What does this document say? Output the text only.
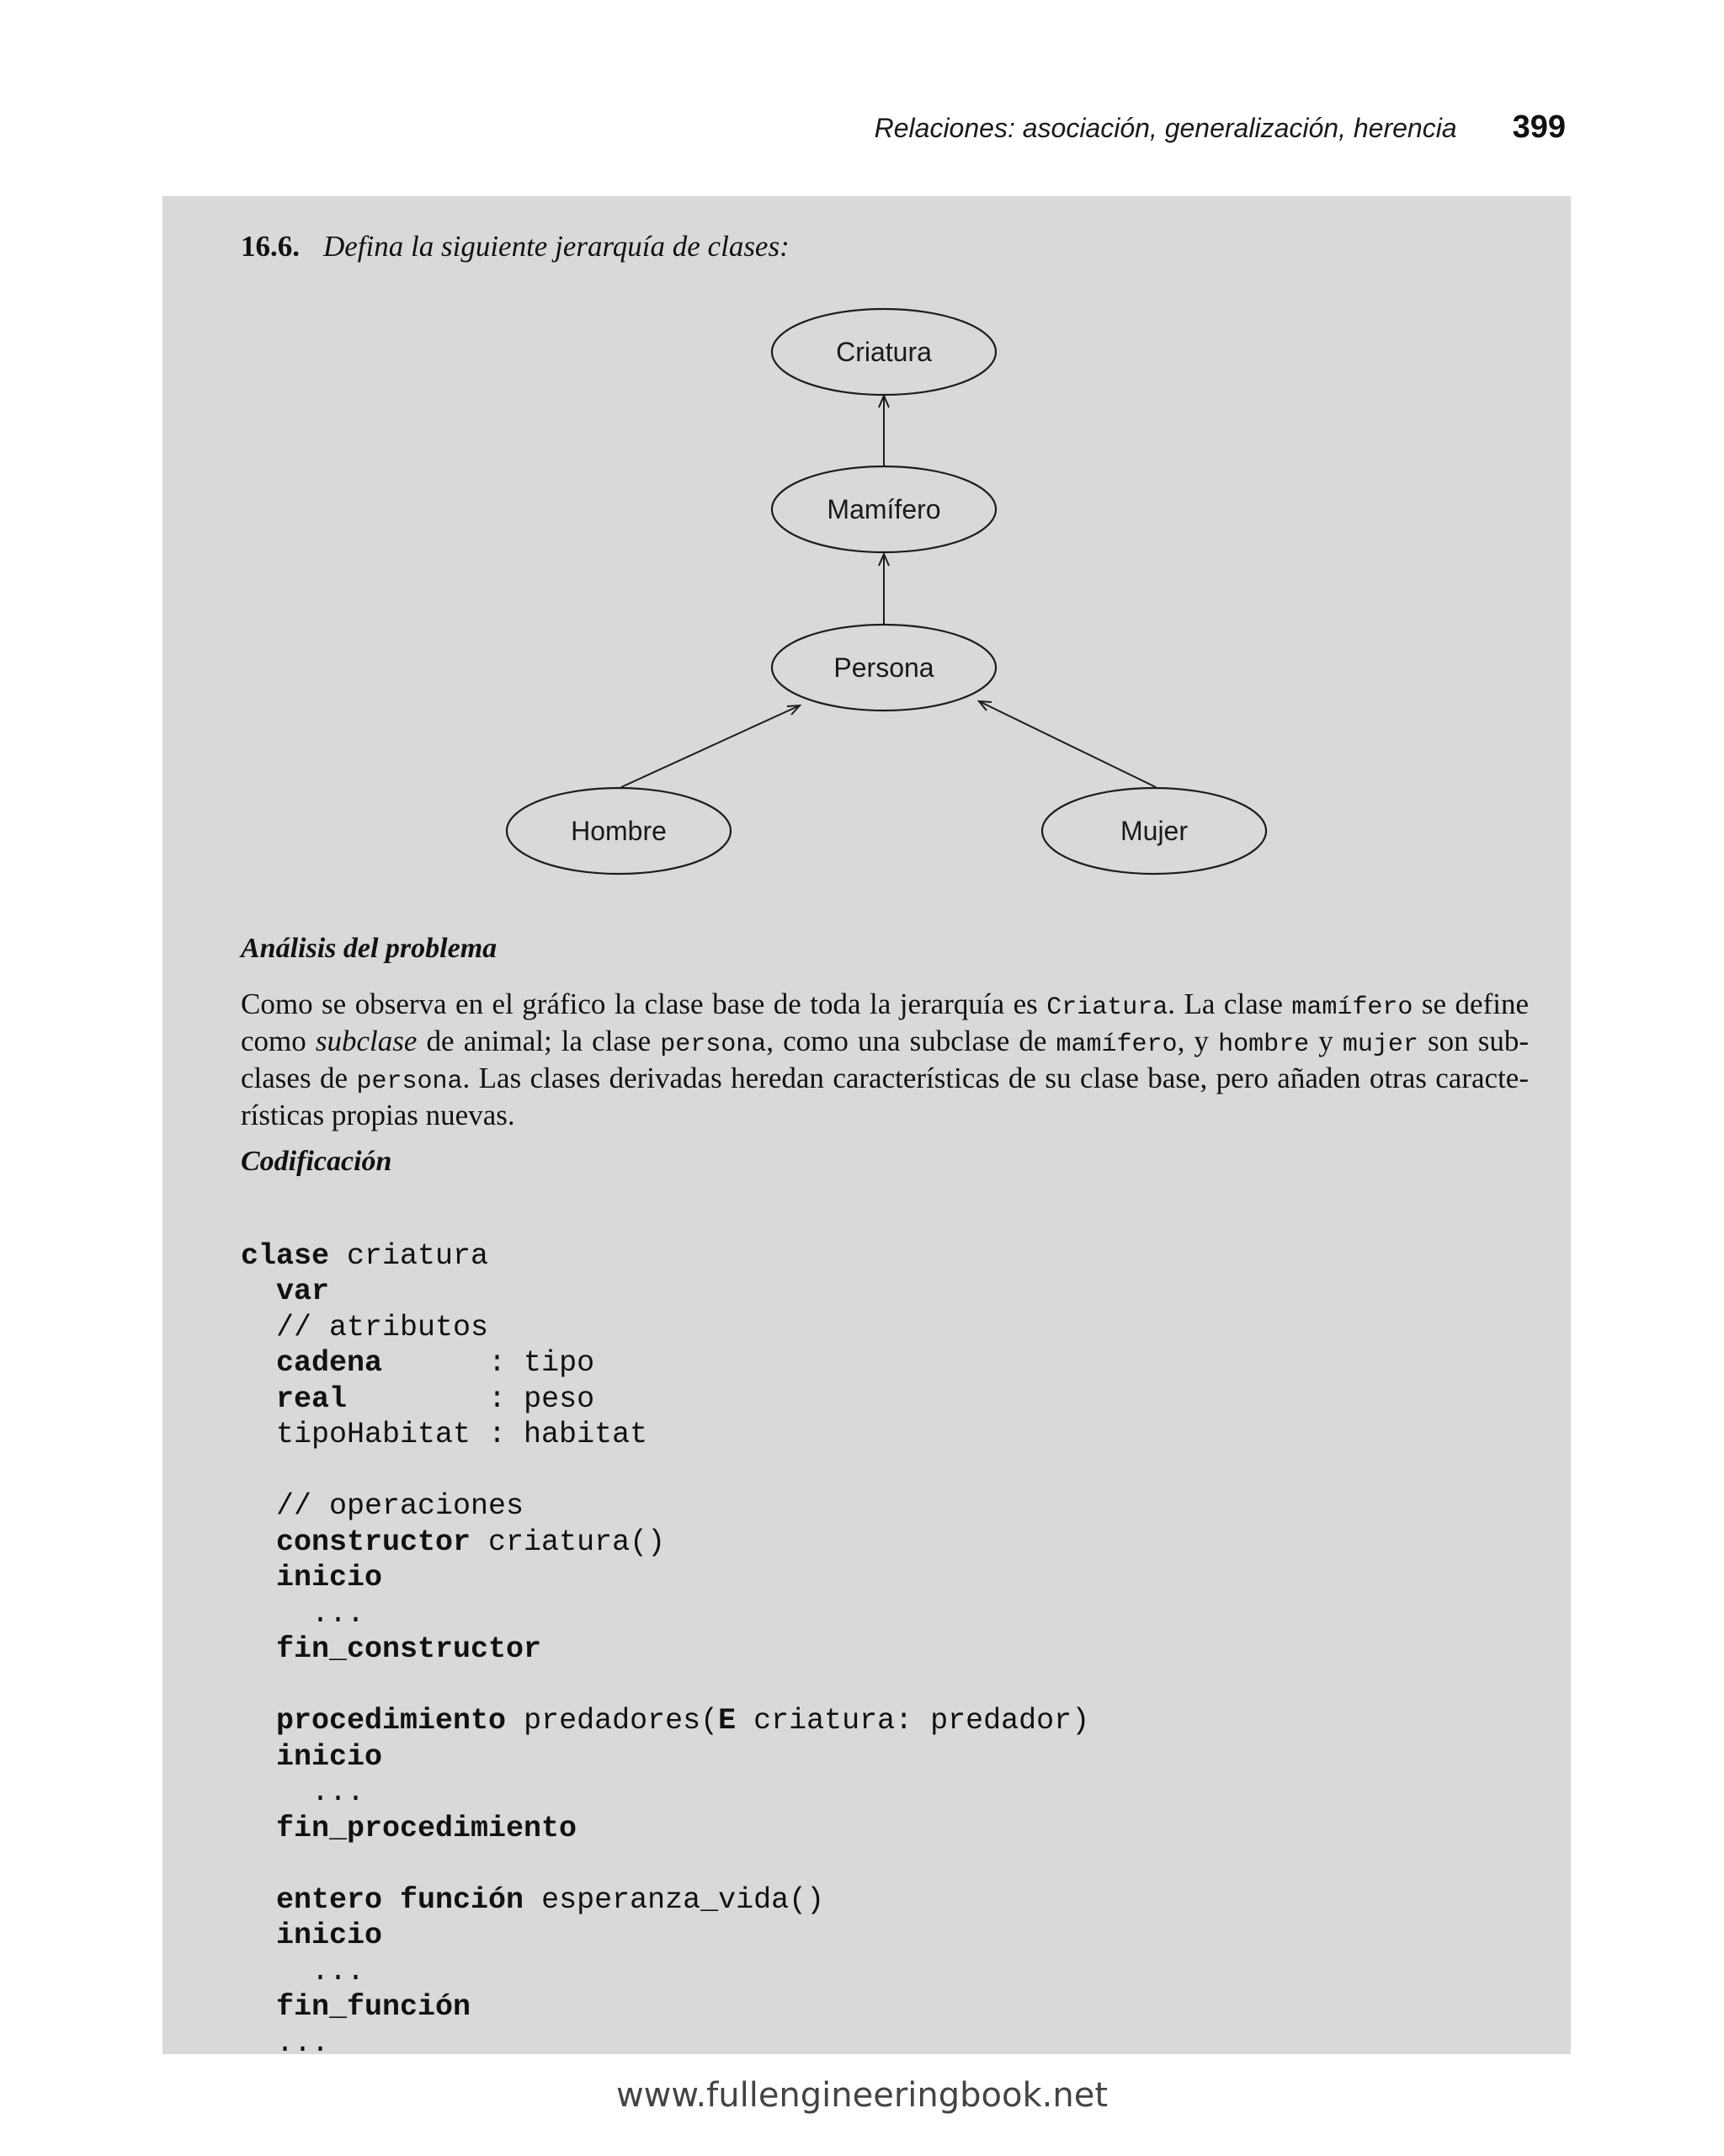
Relaciones: asociación, generalización, herencia 399
16.6. Defina la siguiente jerarquía de clases:
Criatura
Mamífero
Persona
Hombre	Mujer
Análisis del problema
Como se observa en el gráfico la clase base de toda la jerarquía es Criatura. La clase mamífero se define
como subclase de animal; la clase persona, como una subclase de mamífero, y hombre y mujer son sub-
clases de persona. Las clases derivadas heredan características de su clase base, pero añaden otras caracte-
rísticas propias nuevas.
Codificación

clase criatura
var
// atributos
cadena      : tipo
real        : peso
tipoHabitat : habitat
// operaciones
constructor criatura()
inicio
...
fin_constructor
procedimiento predadores(E criatura: predador)
inicio
...
fin_procedimiento
entero función esperanza_vida()
inicio
...
fin_función
...

www.fullengineeringbook.net
